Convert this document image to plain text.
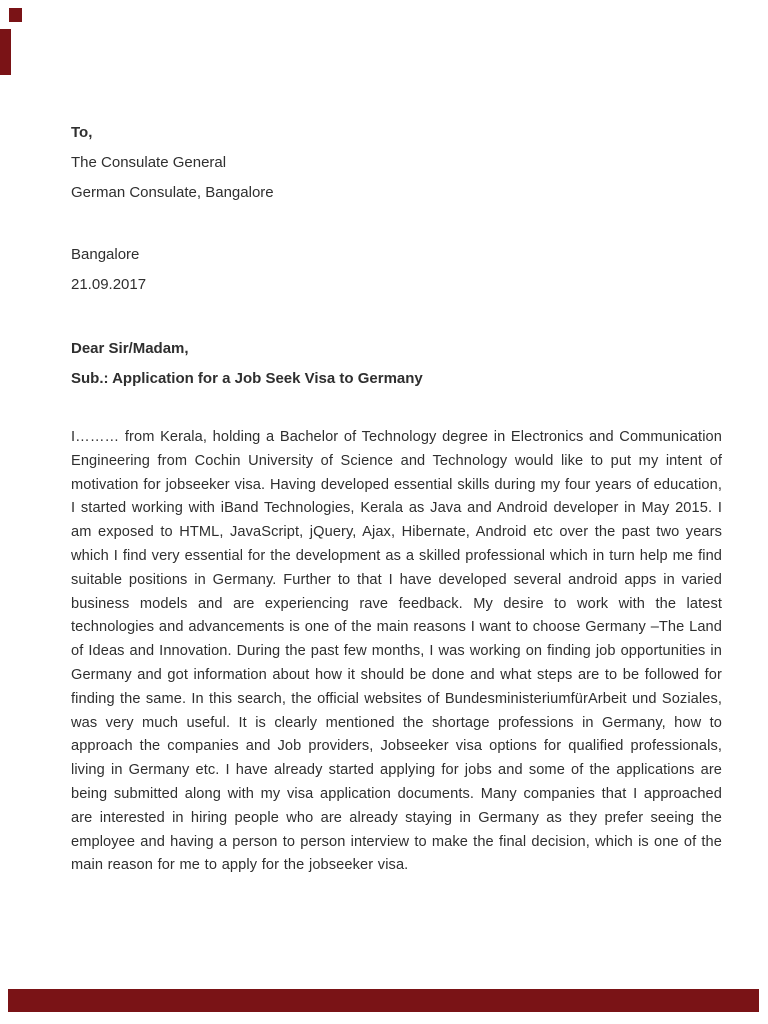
To,

The Consulate General

German Consulate, Bangalore

Bangalore

21.09.2017

Dear Sir/Madam,

Sub.: Application for a Job Seek Visa to Germany

I……… from Kerala, holding a Bachelor of Technology degree in Electronics and Communication Engineering from Cochin University of Science and Technology would like to put my intent of motivation for jobseeker visa. Having developed essential skills during my four years of education, I started working with iBand Technologies, Kerala as Java and Android developer in May 2015. I am exposed to HTML, JavaScript, jQuery, Ajax, Hibernate, Android etc over the past two years which I find very essential for the development as a skilled professional which in turn help me find suitable positions in Germany. Further to that I have developed several android apps in varied business models and are experiencing rave feedback. My desire to work with the latest technologies and advancements is one of the main reasons I want to choose Germany –The Land of Ideas and Innovation. During the past few months, I was working on finding job opportunities in Germany and got information about how it should be done and what steps are to be followed for finding the same. In this search, the official websites of BundesministeriumfürArbeit und Soziales, was very much useful. It is clearly mentioned the shortage professions in Germany, how to approach the companies and Job providers, Jobseeker visa options for qualified professionals, living in Germany etc. I have already started applying for jobs and some of the applications are being submitted along with my visa application documents. Many companies that I approached are interested in hiring people who are already staying in Germany as they prefer seeing the employee and having a person to person interview to make the final decision, which is one of the main reason for me to apply for the jobseeker visa.
